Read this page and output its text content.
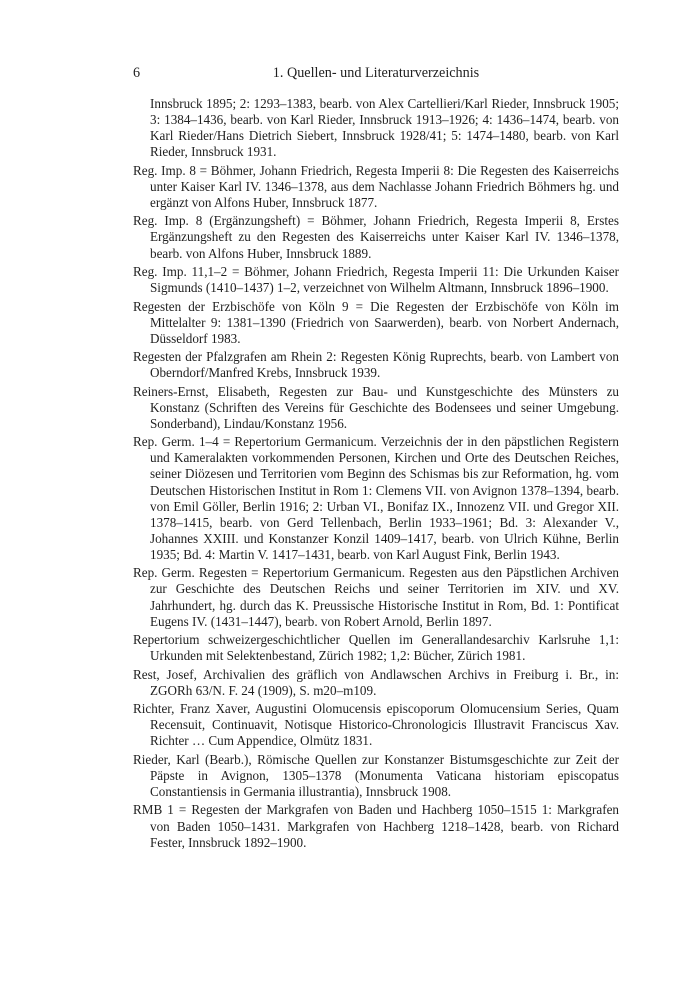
6	1. Quellen- und Literaturverzeichnis

Innsbruck 1895; 2: 1293–1383, bearb. von Alex Cartellieri/Karl Rieder, Innsbruck 1905; 3: 1384–1436, bearb. von Karl Rieder, Innsbruck 1913–1926; 4: 1436–1474, bearb. von Karl Rieder/Hans Dietrich Siebert, Innsbruck 1928/41; 5: 1474–1480, bearb. von Karl Rieder, Innsbruck 1931.

Reg. Imp. 8 = Böhmer, Johann Friedrich, Regesta Imperii 8: Die Regesten des Kaiserreichs unter Kaiser Karl IV. 1346–1378, aus dem Nachlasse Johann Friedrich Böhmers hg. und ergänzt von Alfons Huber, Innsbruck 1877.

Reg. Imp. 8 (Ergänzungsheft) = Böhmer, Johann Friedrich, Regesta Imperii 8, Erstes Ergänzungsheft zu den Regesten des Kaiserreichs unter Kaiser Karl IV. 1346–1378, bearb. von Alfons Huber, Innsbruck 1889.

Reg. Imp. 11,1–2 = Böhmer, Johann Friedrich, Regesta Imperii 11: Die Urkunden Kaiser Sigmunds (1410–1437) 1–2, verzeichnet von Wilhelm Altmann, Innsbruck 1896–1900.

Regesten der Erzbischöfe von Köln 9 = Die Regesten der Erzbischöfe von Köln im Mittelalter 9: 1381–1390 (Friedrich von Saarwerden), bearb. von Norbert Andernach, Düsseldorf 1983.

Regesten der Pfalzgrafen am Rhein 2: Regesten König Ruprechts, bearb. von Lambert von Oberndorf/Manfred Krebs, Innsbruck 1939.

Reiners-Ernst, Elisabeth, Regesten zur Bau- und Kunstgeschichte des Münsters zu Konstanz (Schriften des Vereins für Geschichte des Bodensees und seiner Umgebung. Sonderband), Lindau/Konstanz 1956.

Rep. Germ. 1–4 = Repertorium Germanicum. Verzeichnis der in den päpstlichen Registern und Kameralakten vorkommenden Personen, Kirchen und Orte des Deutschen Reiches, seiner Diözesen und Territorien vom Beginn des Schismas bis zur Reformation, hg. vom Deutschen Historischen Institut in Rom 1: Clemens VII. von Avignon 1378–1394, bearb. von Emil Göller, Berlin 1916; 2: Urban VI., Bonifaz IX., Innozenz VII. und Gregor XII. 1378–1415, bearb. von Gerd Tellenbach, Berlin 1933–1961; Bd. 3: Alexander V., Johannes XXIII. und Konstanzer Konzil 1409–1417, bearb. von Ulrich Kühne, Berlin 1935; Bd. 4: Martin V. 1417–1431, bearb. von Karl August Fink, Berlin 1943.

Rep. Germ. Regesten = Repertorium Germanicum. Regesten aus den Päpstlichen Archiven zur Geschichte des Deutschen Reichs und seiner Territorien im XIV. und XV. Jahrhundert, hg. durch das K. Preussische Historische Institut in Rom, Bd. 1: Pontificat Eugens IV. (1431–1447), bearb. von Robert Arnold, Berlin 1897.

Repertorium schweizergeschichtlicher Quellen im Generallandesarchiv Karlsruhe 1,1: Urkunden mit Selektenbestand, Zürich 1982; 1,2: Bücher, Zürich 1981.

Rest, Josef, Archivalien des gräflich von Andlawschen Archivs in Freiburg i. Br., in: ZGORh 63/N. F. 24 (1909), S. m20–m109.

Richter, Franz Xaver, Augustini Olomucensis episcoporum Olomucensium Series, Quam Recensuit, Continuavit, Notisque Historico-Chronologicis Illustravit Franciscus Xav. Richter … Cum Appendice, Olmütz 1831.

Rieder, Karl (Bearb.), Römische Quellen zur Konstanzer Bistumsgeschichte zur Zeit der Päpste in Avignon, 1305–1378 (Monumenta Vaticana historiam episcopatus Constantiensis in Germania illustrantia), Innsbruck 1908.

RMB 1 = Regesten der Markgrafen von Baden und Hachberg 1050–1515 1: Markgrafen von Baden 1050–1431. Markgrafen von Hachberg 1218–1428, bearb. von Richard Fester, Innsbruck 1892–1900.
